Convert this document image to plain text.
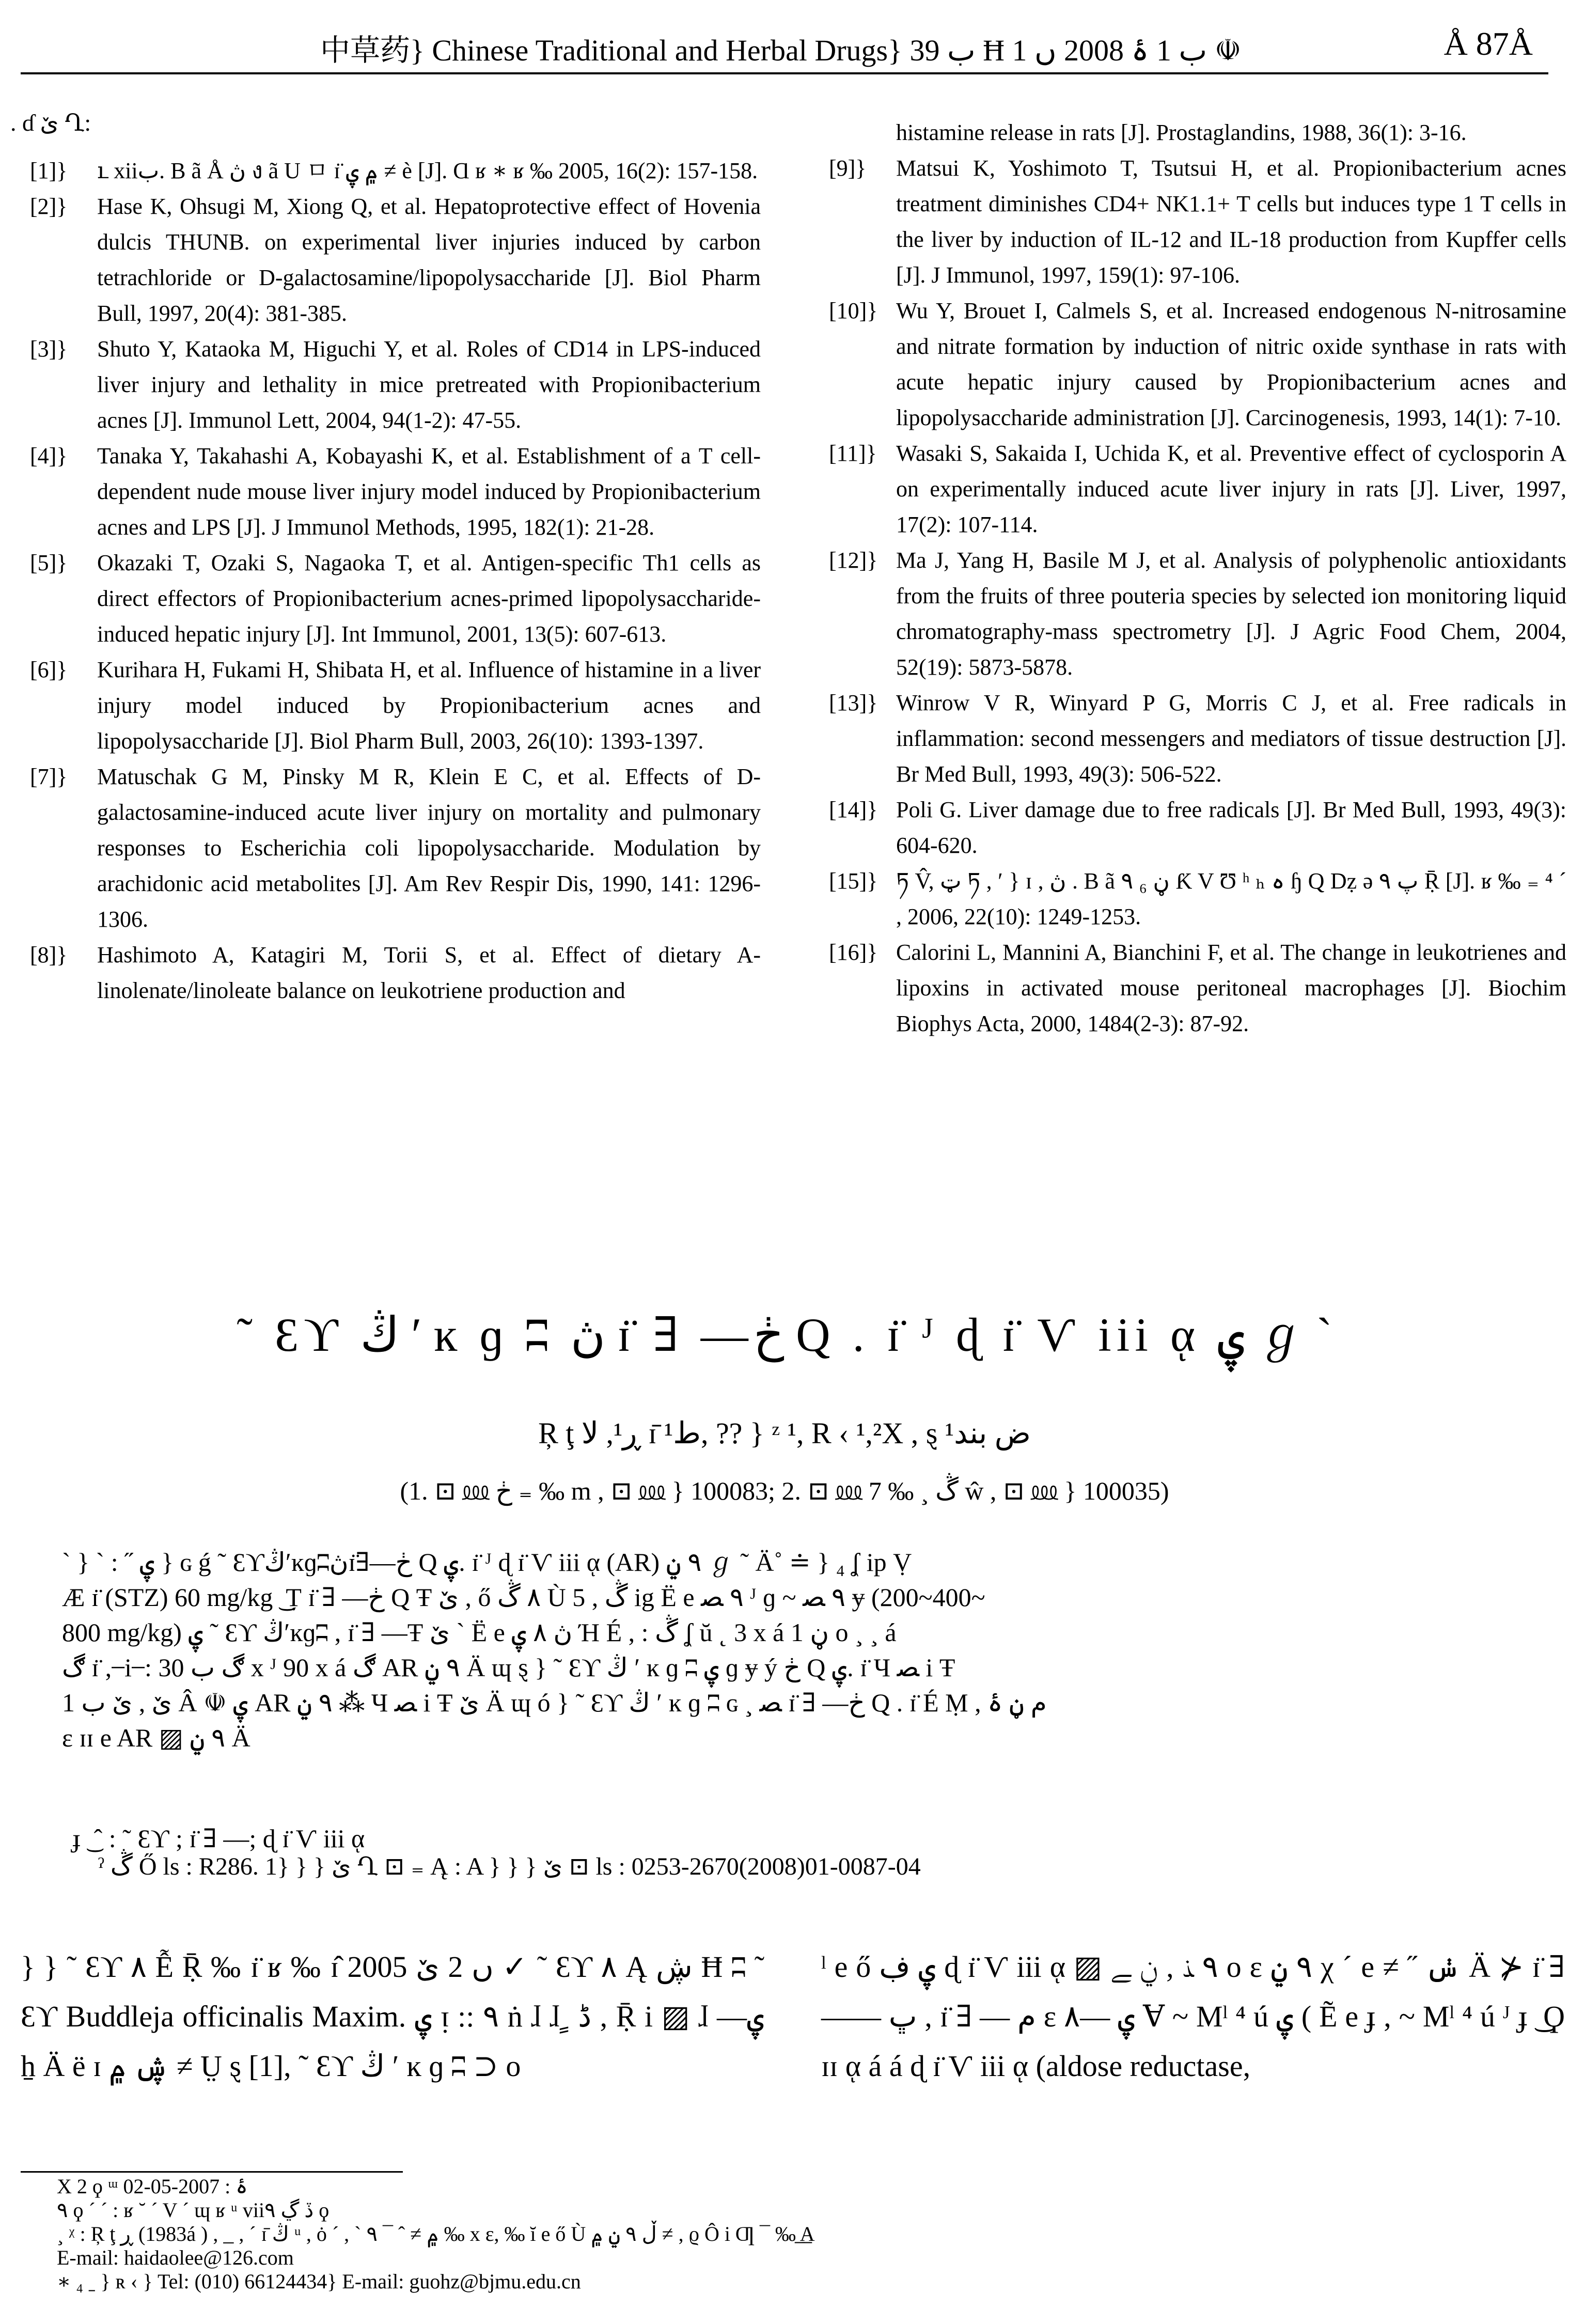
中草药} Chinese Traditional and Herbal Drugs} ب 39 Ħ ب 1 ۂ 2008 ں 1 ☫	Å 87Å
. ɗ ێ Ղ:
[1]}	ւ xiiب. Β ã Å ڽ ง ã U ㅁ ɪ̈ ۾ ۑ ≠ è [J]. Ɑ ʁ ∗ ʁ ‰ 2005, 16(2): 157-158.
[2]}	Hase K, Ohsugi M, Xiong Q, et al. Hepatoprotective effect of Hovenia dulcis THUNB. on experimental liver injuries induced by carbon tetrachloride or D-galactosamine/lipopolysaccharide [J]. Biol Pharm Bull, 1997, 20(4): 381-385.
[3]}	Shuto Y, Kataoka M, Higuchi Y, et al. Roles of CD14 in LPS-induced liver injury and lethality in mice pretreated with Propionibacterium acnes [J]. Immunol Lett, 2004, 94(1-2): 47-55.
[4]}	Tanaka Y, Takahashi A, Kobayashi K, et al. Establishment of a T cell-dependent nude mouse liver injury model induced by Propionibacterium acnes and LPS [J]. J Immunol Methods, 1995, 182(1): 21-28.
[5]}	Okazaki T, Ozaki S, Nagaoka T, et al. Antigen-specific Th1 cells as direct effectors of Propionibacterium acnes-primed lipopolysaccharide-induced hepatic injury [J]. Int Immunol, 2001, 13(5): 607-613.
[6]}	Kurihara H, Fukami H, Shibata H, et al. Influence of histamine in a liver injury model induced by Propionibacterium acnes and lipopolysaccharide [J]. Biol Pharm Bull, 2003, 26(10): 1393-1397.
[7]}	Matuschak G M, Pinsky M R, Klein E C, et al. Effects of D-galactosamine-induced acute liver injury on mortality and pulmonary responses to Escherichia coli lipopolysaccharide. Modulation by arachidonic acid metabolites [J]. Am Rev Respir Dis, 1990, 141: 1296-1306.
[8]}	Hashimoto A, Katagiri M, Torii S, et al. Effect of dietary A-linolenate/linoleate balance on leukotriene production and
histamine release in rats [J]. Prostaglandins, 1988, 36(1): 3-16.
[9]}	Matsui K, Yoshimoto T, Tsutsui H, et al. Propionibacterium acnes treatment diminishes CD4+ NK1.1+ T cells but induces type 1 T cells in the liver by induction of IL-12 and IL-18 production from Kupffer cells [J]. J Immunol, 1997, 159(1): 97-106.
[10]} Wu Y, Brouet I, Calmels S, et al. Increased endogenous N-nitrosamine and nitrate formation by induction of nitric oxide synthase in rats with acute hepatic injury caused by Propionibacterium acnes and lipopolysaccharide administration [J]. Carcinogenesis, 1993, 14(1): 7-10.
[11]} Wasaki S, Sakaida I, Uchida K, et al. Preventive effect of cyclosporin A on experimentally induced acute liver injury in rats [J]. Liver, 1997, 17(2): 107-114.
[12]} Ma J, Yang H, Basile M J, et al. Analysis of polyphenolic antioxidants from the fruits of three pouteria species by selected ion monitoring liquid chromatography-mass spectrometry [J]. J Agric Food Chem, 2004, 52(19): 5873-5878.
[13]} Winrow V R, Winyard P G, Morris C J, et al. Free radicals in inflammation: second messengers and mediators of tissue destruction [J]. Br Med Bull, 1993, 49(3): 506-522.
[14]} Poli G. Liver damage due to free radicals [J]. Br Med Bull, 1993, 49(3): 604-620.
[15]} ཏ V̂, ټ ཏ , ′ } ɪ , ڽ . Β ã ٩ ₆ ڼ Ƙ V Ʊ ʰ ₕ ہ ɧ Q Dẓ ə پ ٩ Ṝ [J]. ʁ ‰ ₌ ⁴ ´ , 2006, 22(10): 1249-1253.
[16]} Calorini L, Mannini A, Bianchini F, et al. The change in leukotrienes and lipoxins in activated mouse peritoneal macrophages [J]. Biochim Biophys Acta, 2000, 1484(2-3): 87-92.
˜ Ɛϒ ڭ ʹ ĸ ɡ ʭ ڽ ɪ̈ ∃ —ڂ Q . ɪ̈ ᴶ ɖ ɪ̈ Ѵ iii ᾳ ۑ ℊ ˋ
Ŗ ţ ڕ¹, ﻻ ɪ̄ ﻁ¹, ?? } ᶻ ¹, R ‹ ¹,²X , ȿ ﺽ ﺑﻨﺪ¹
(1. ⊡ ⅏ ڂ ₌ ‰ m , ⊡ ⅏ } 100083; 2. ⊡ ⅏ 7 ‰ ¸ ڴ ŵ , ⊡ ⅏ } 100035)
ˋ } ˋ : ˝ ۑ } ɢ ǵ ˜ Ɛϒڭʹĸɡʭڽɪ̈∃—ڂ Q ۑ. ɪ̈ ᴶ ɖ ɪ̈ Ѵ iii ᾳ (AR) ٩ ݧ ℊ ˜ Ä˚ ≐ } ₄ ʆ ip Ṿ
Æ ɪ̈ (STZ) 60 mg/kg ͜ Ṭ ɪ̈ ∃ —ڂ Q Ŧ ێ , ő ٨ ڴ Ù 5 , ڴ ig Ë e ٩ ﺼ ᴶ ɡ ~ ٩ ﺼ ɏ (200~400~
800 mg/kg) ۑ ˜ Ɛϒ ڭʹĸɡʭ , ɪ̈ ∃ —Ŧ ێ ˋ Ë e ڽ ٨ ۑ Ή É , : ڴ ʆ ŭ ˛ 3 x á 1 ڼ o ¸ ¸ á
ڰ ɪ̈ , ̶ i ̶ : ڰ ب 30 x ᴶ 90 x á ڰ AR ٩ ݧ Ä ɰ ȿ } ˜ Ɛϒ ڭ ʹ ĸ ɡ ʭ ۑ ɡ ɏ ý ڂ Q ۑ. ɪ̈ Ч ﺼ i Ŧ
ێ , ێ ب 1 Â ☫ ۑ AR ٩ ݧ ⁂ Ч ﺼ i Ŧ ێ Ä ɰ ó } ˜ Ɛϒ ڭ ʹ ĸ ɡ ʭ ɢ ¸ ﺼ ɪ̈ ∃ —ڂ Q . ɪ̈ É Ṃ , ﻡ ڼ ۂ
ɛ ɪɪ e AR ▨ ٩ ݧ Ä
ɟ ͜ ˆ : ˜ Ɛϒ ; ɪ̈ ∃ —; ɖ ɪ̈ Ѵ iii ᾳ
ˀ ڴ Ő ls : R286. 1} } } ێ Ղ ⊡ ₌ Ą : A } } } ێ ⊡ ls : 0253-2670(2008)01-0087-04
} } ˜ Ɛϒ ٨ Ễ Ṝ ‰ ɪ̈ ʁ ‰ ɪ̂ 2005 ں 2 ێ ✓ ˜ Ɛϒ ٨ Ą ڜ Ħ ʭ ˜ Ɛϒ Buddleja officinalis Maxim. ۑ ᴉ :: ٩ ṅ ɺ ɺ ٍ ڈ , Ṝ i ▨ ɺ —ۑ ẖ Ä ë ɪ ڜ ۾ ≠ Ṳ ȿ [1], ˜ Ɛϒ ڭ ʹ ĸ ɡ ʭ ⊃ o
ˡ e ő ۑ ڣ ɖ ɪ̈ Ѵ iii ᾳ ▨ ٩ ﺬ , ݧ ﮯ o ɛ ٩ ݧ χ ˊ e ≠ ˝ ݭ Ä ⊁ ɪ̈ ∃ —— ڀ , ɪ̈ ∃ — ﻡ ɛ ۑ —٨ Ɐ ~ Mˡ ⁴ ú ۑ ( Ẽ e ɟ , ~ Mˡ ⁴ ú ᴶ ɟ ͜ Ϙ ɪɪ ᾳ á á ɖ ɪ̈ Ѵ iii ᾳ (aldose reductase,
X 2 ϙ ᵚ ۂ : 2007-05-02
٩ ϙ ˊ ˊ : ʁ ˘ ˊ V ˊ ɰ ʁ ᵘ viiڏ ڲ ٩ ϙ
¸ ᵡ : Ŗ ţ ڕ (1983á ) , _ , ˊ ɪ̄ ڭ ᵘ , ȯ ˊ , ˋ ۾ ≠ ˆ ¯ ٩ ‰ x ε, ‰ ĭ e ő Ù ڵ ٩ ݧ ۾ ≠ , ϱ Ô i Ƣ ¯ ‰ ̲A̲
E-mail: haidaolee@126.com
∗ ₄ ˍ } ʀ ‹ } Tel: (010) 66124434} E-mail: guohz@bjmu.edu.cn
